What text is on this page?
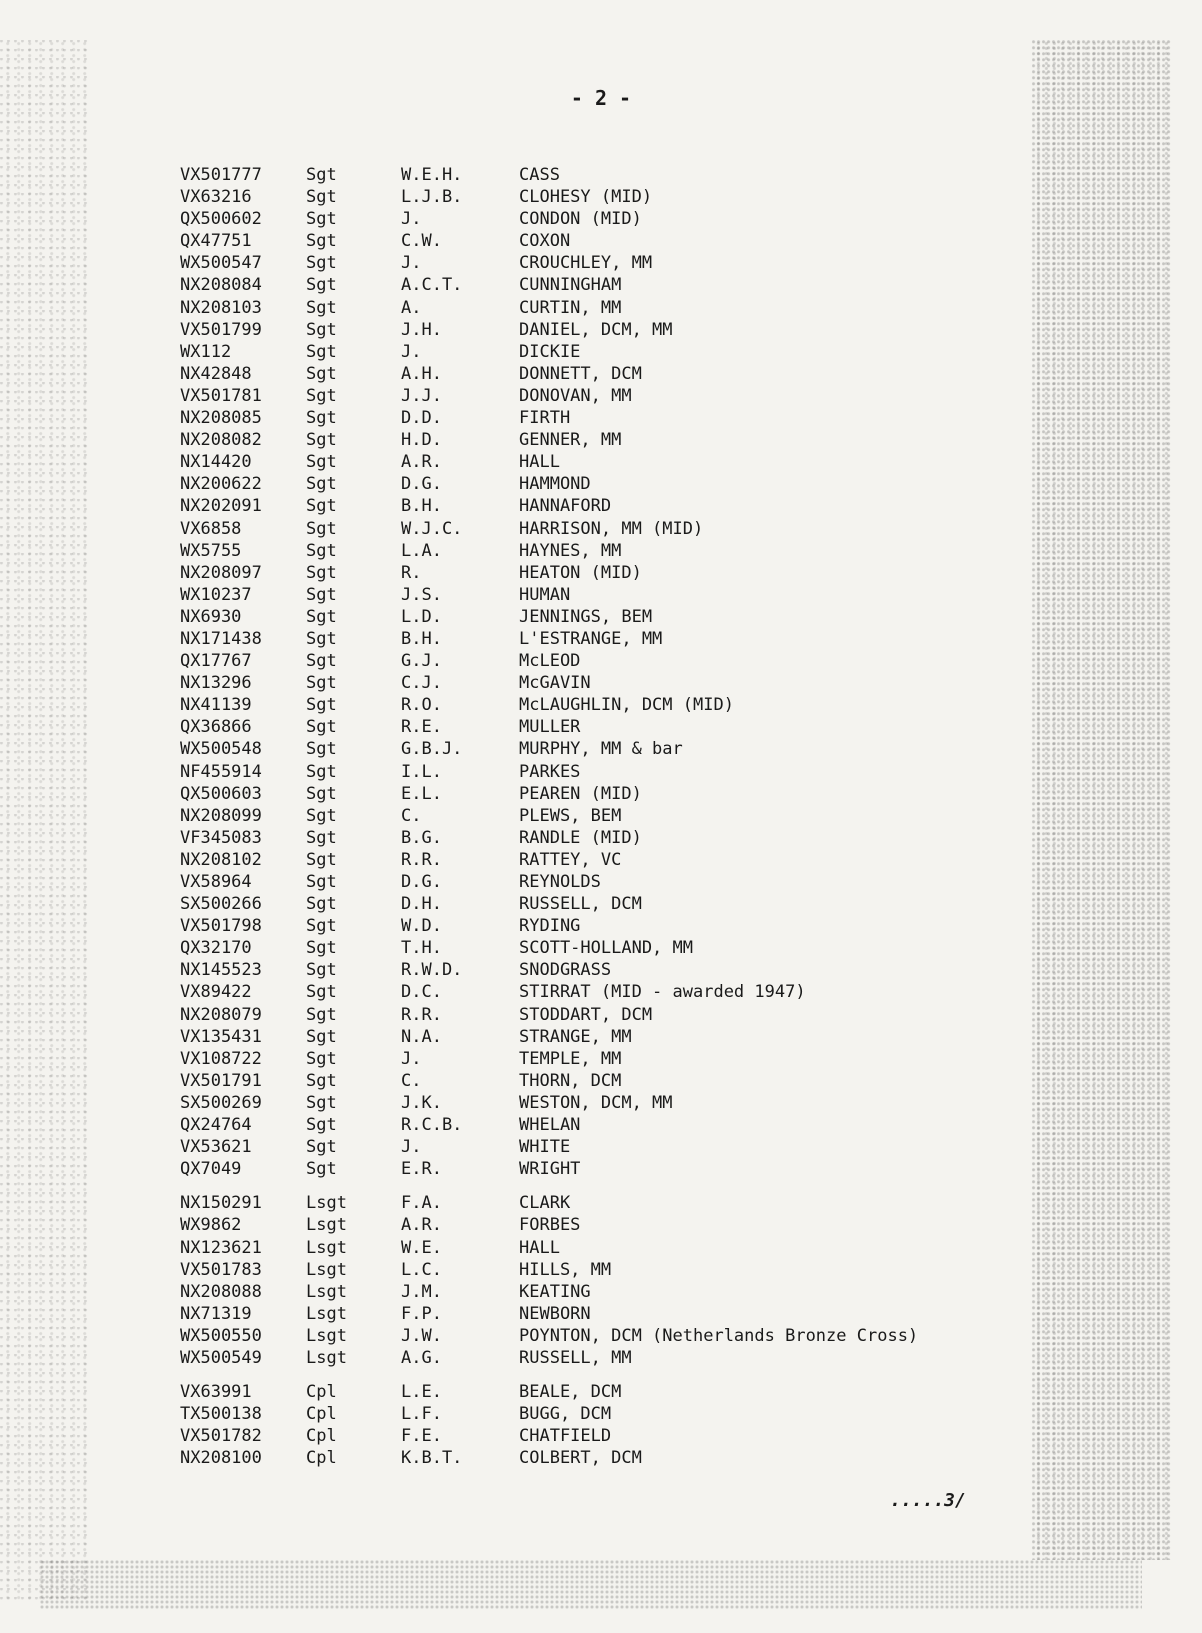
- 2 -
VX501777	Sgt	W.E.H.	CASS
VX63216	Sgt	L.J.B.	CLOHESY (MID)
QX500602	Sgt	J.	CONDON (MID)
QX47751	Sgt	C.W.	COXON
WX500547	Sgt	J.	CROUCHLEY, MM
NX208084	Sgt	A.C.T.	CUNNINGHAM
NX208103	Sgt	A.	CURTIN, MM
VX501799	Sgt	J.H.	DANIEL, DCM, MM
WX112	Sgt	J.	DICKIE
NX42848	Sgt	A.H.	DONNETT, DCM
VX501781	Sgt	J.J.	DONOVAN, MM
NX208085	Sgt	D.D.	FIRTH
NX208082	Sgt	H.D.	GENNER, MM
NX14420	Sgt	A.R.	HALL
NX200622	Sgt	D.G.	HAMMOND
NX202091	Sgt	B.H.	HANNAFORD
VX6858	Sgt	W.J.C.	HARRISON, MM (MID)
WX5755	Sgt	L.A.	HAYNES, MM
NX208097	Sgt	R.	HEATON (MID)
WX10237	Sgt	J.S.	HUMAN
NX6930	Sgt	L.D.	JENNINGS, BEM
NX171438	Sgt	B.H.	L'ESTRANGE, MM
QX17767	Sgt	G.J.	McLEOD
NX13296	Sgt	C.J.	McGAVIN
NX41139	Sgt	R.O.	McLAUGHLIN, DCM (MID)
QX36866	Sgt	R.E.	MULLER
WX500548	Sgt	G.B.J.	MURPHY, MM & bar
NF455914	Sgt	I.L.	PARKES
QX500603	Sgt	E.L.	PEAREN (MID)
NX208099	Sgt	C.	PLEWS, BEM
VF345083	Sgt	B.G.	RANDLE (MID)
NX208102	Sgt	R.R.	RATTEY, VC
VX58964	Sgt	D.G.	REYNOLDS
SX500266	Sgt	D.H.	RUSSELL, DCM
VX501798	Sgt	W.D.	RYDING
QX32170	Sgt	T.H.	SCOTT-HOLLAND, MM
NX145523	Sgt	R.W.D.	SNODGRASS
VX89422	Sgt	D.C.	STIRRAT (MID - awarded 1947)
NX208079	Sgt	R.R.	STODDART, DCM
VX135431	Sgt	N.A.	STRANGE, MM
VX108722	Sgt	J.	TEMPLE, MM
VX501791	Sgt	C.	THORN, DCM
SX500269	Sgt	J.K.	WESTON, DCM, MM
QX24764	Sgt	R.C.B.	WHELAN
VX53621	Sgt	J.	WHITE
QX7049	Sgt	E.R.	WRIGHT
NX150291	Lsgt	F.A.	CLARK
WX9862	Lsgt	A.R.	FORBES
NX123621	Lsgt	W.E.	HALL
VX501783	Lsgt	L.C.	HILLS, MM
NX208088	Lsgt	J.M.	KEATING
NX71319	Lsgt	F.P.	NEWBORN
WX500550	Lsgt	J.W.	POYNTON, DCM (Netherlands Bronze Cross)
WX500549	Lsgt	A.G.	RUSSELL, MM
VX63991	Cpl	L.E.	BEALE, DCM
TX500138	Cpl	L.F.	BUGG, DCM
VX501782	Cpl	F.E.	CHATFIELD
NX208100	Cpl	K.B.T.	COLBERT, DCM
.....3/
